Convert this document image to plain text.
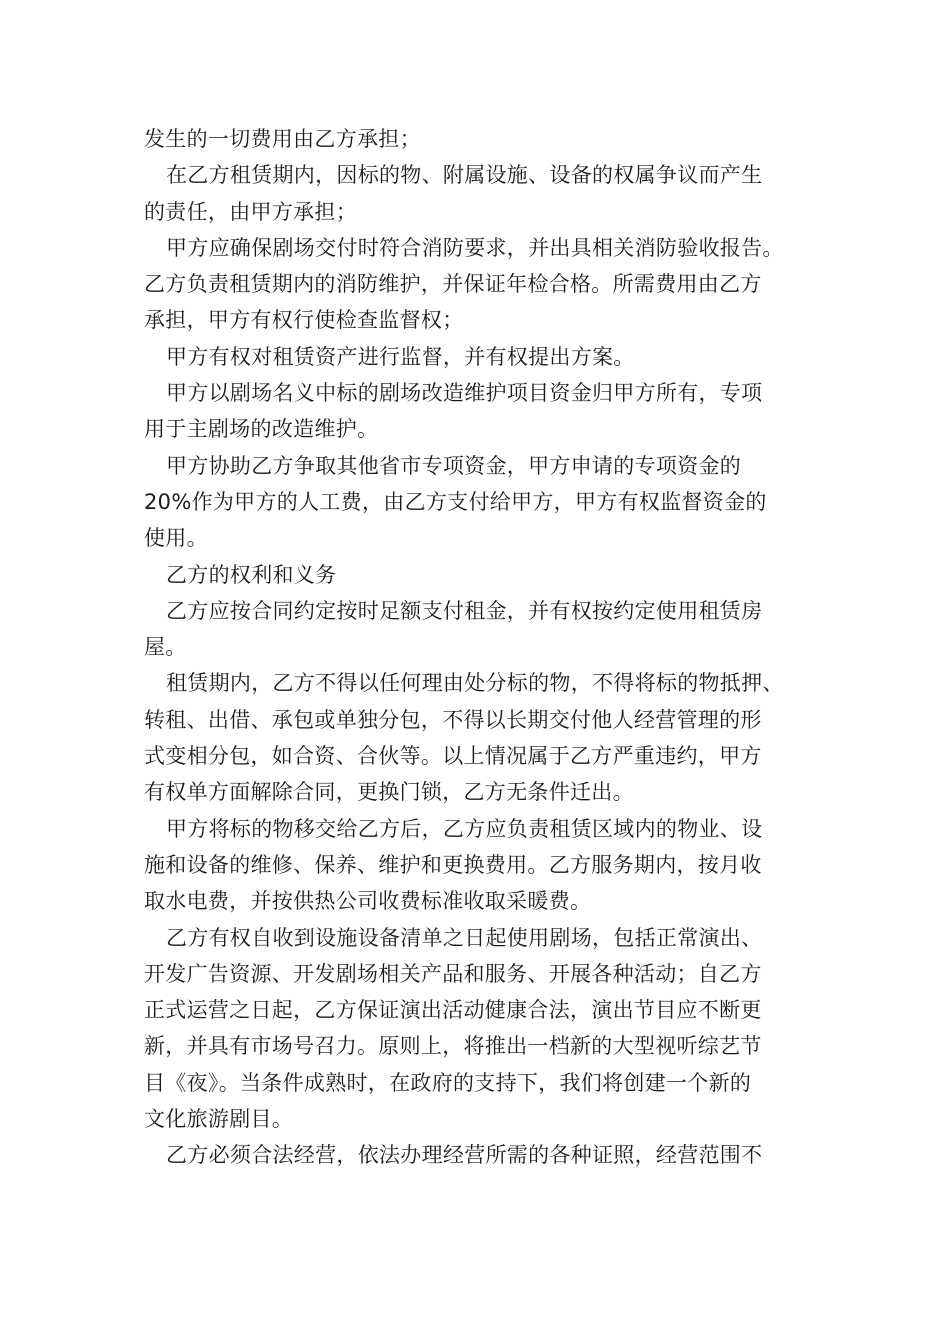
发生的一切费用由乙方承担；
在乙方租赁期内，因标的物、附属设施、设备的权属争议而产生
的责任，由甲方承担；
甲方应确保剧场交付时符合消防要求，并出具相关消防验收报告。
乙方负责租赁期内的消防维护，并保证年检合格。所需费用由乙方
承担，甲方有权行使检查监督权；
甲方有权对租赁资产进行监督，并有权提出方案。
甲方以剧场名义中标的剧场改造维护项目资金归甲方所有，专项
用于主剧场的改造维护。
甲方协助乙方争取其他省市专项资金，甲方申请的专项资金的
20%作为甲方的人工费，由乙方支付给甲方，甲方有权监督资金的
使用。
乙方的权利和义务
乙方应按合同约定按时足额支付租金，并有权按约定使用租赁房
屋。
租赁期内，乙方不得以任何理由处分标的物，不得将标的物抵押、
转租、出借、承包或单独分包，不得以长期交付他人经营管理的形
式变相分包，如合资、合伙等。以上情况属于乙方严重违约，甲方
有权单方面解除合同，更换门锁，乙方无条件迁出。
甲方将标的物移交给乙方后，乙方应负责租赁区域内的物业、设
施和设备的维修、保养、维护和更换费用。乙方服务期内，按月收
取水电费，并按供热公司收费标准收取采暖费。
乙方有权自收到设施设备清单之日起使用剧场，包括正常演出、
开发广告资源、开发剧场相关产品和服务、开展各种活动；自乙方
正式运营之日起，乙方保证演出活动健康合法，演出节目应不断更
新，并具有市场号召力。原则上，将推出一档新的大型视听综艺节
目《夜》。当条件成熟时，在政府的支持下，我们将创建一个新的
文化旅游剧目。
乙方必须合法经营，依法办理经营所需的各种证照，经营范围不
